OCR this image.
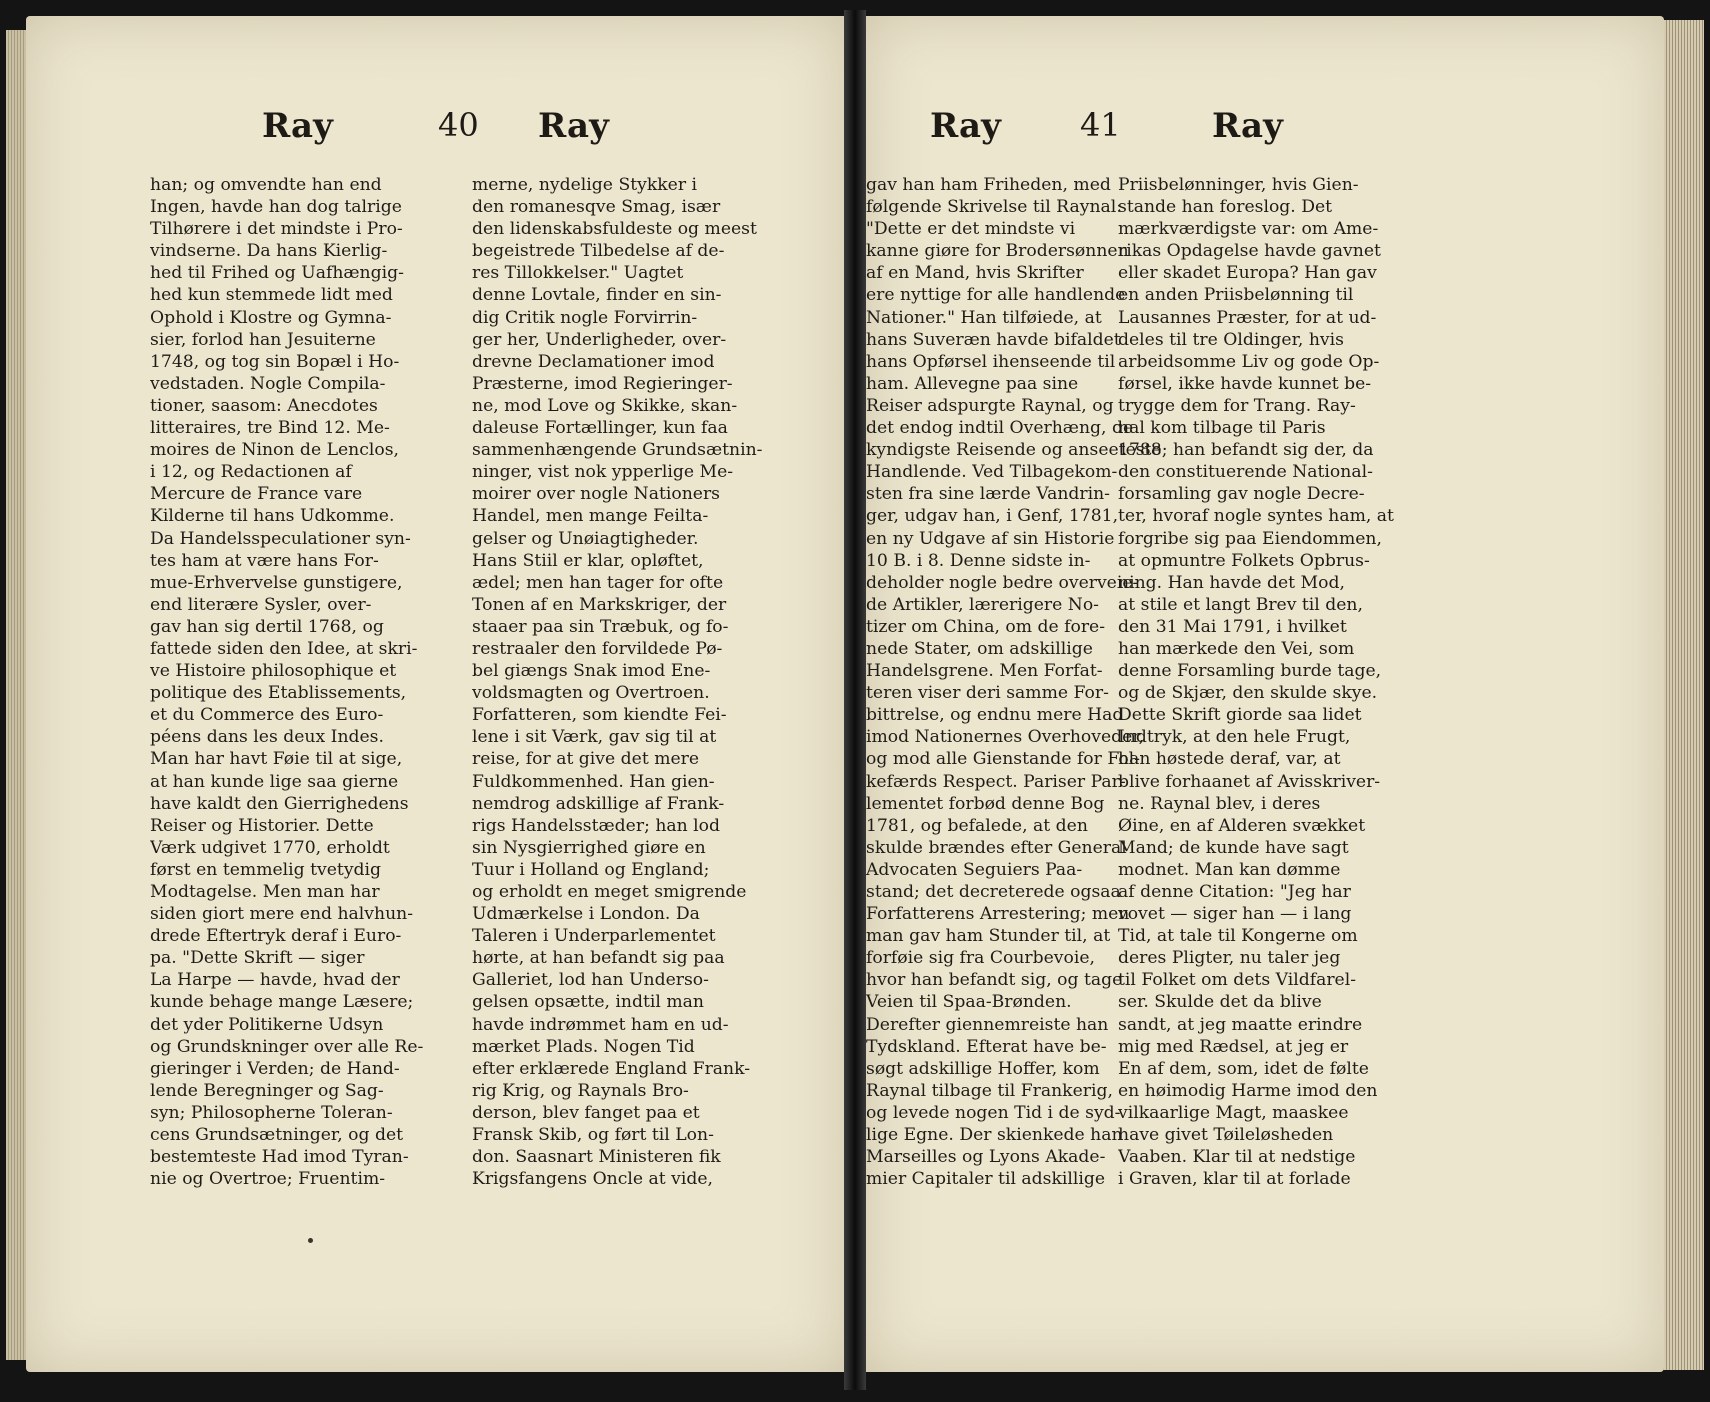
Ray	40 Ray
han; og omvendte han end
Ingen, havde han dog talrige
Tilhørere i det mindste i Pro-
vindserne. Da hans Kierlig-
hed til Frihed og Uafhængig-
hed kun stemmede lidt med
Ophold i Klostre og Gymna-
sier, forlod han Jesuiterne
1748, og tog sin Bopæl i Ho-
vedstaden. Nogle Compila-
tioner, saasom: Anecdotes
litteraires, tre Bind 12. Me-
moires de Ninon de Lenclos,
i 12, og Redactionen af
Mercure de France vare
Kilderne til hans Udkomme.
Da Handelsspeculationer syn-
tes ham at være hans For-
mue-Erhvervelse gunstigere,
end literære Sysler, over-
gav han sig dertil 1768, og
fattede siden den Idee, at skri-
ve Histoire philosophique et
politique des Etablissements,
et du Commerce des Euro-
péens dans les deux Indes.
Man har havt Føie til at sige,
at han kunde lige saa gierne
have kaldt den Gierrighedens
Reiser og Historier. Dette
Værk udgivet 1770, erholdt
først en temmelig tvetydig
Modtagelse. Men man har
siden giort mere end halvhun-
drede Eftertryk deraf i Euro-
pa. "Dette Skrift — siger
La Harpe — havde, hvad der
kunde behage mange Læsere;
det yder Politikerne Udsyn
og Grundskninger over alle Re-
gieringer i Verden; de Hand-
lende Beregninger og Sag-
syn; Philosopherne Toleran-
cens Grundsætninger, og det
bestemteste Had imod Tyran-
nie og Overtroe; Fruentim-
merne, nydelige Stykker i
den romanesqve Smag, især
den lidenskabsfuldeste og meest
begeistrede Tilbedelse af de-
res Tillokkelser." Uagtet
denne Lovtale, finder en sin-
dig Critik nogle Forvirrin-
ger her, Underligheder, over-
drevne Declamationer imod
Præsterne, imod Regieringer-
ne, mod Love og Skikke, skan-
daleuse Fortællinger, kun faa
sammenhængende Grundsætnin-
ninger, vist nok ypperlige Me-
moirer over nogle Nationers
Handel, men mange Feilta-
gelser og Unøiagtigheder.
Hans Stiil er klar, opløftet,
ædel; men han tager for ofte
Tonen af en Markskriger, der
staaer paa sin Træbuk, og fo-
restraaler den forvildede Pø-
bel giængs Snak imod Ene-
voldsmagten og Overtroen.
Forfatteren, som kiendte Fei-
lene i sit Værk, gav sig til at
reise, for at give det mere
Fuldkommenhed. Han gien-
nemdrog adskillige af Frank-
rigs Handelsstæder; han lod
sin Nysgierrighed giøre en
Tuur i Holland og England;
og erholdt en meget smigrende
Udmærkelse i London. Da
Taleren i Underparlementet
hørte, at han befandt sig paa
Galleriet, lod han Underso-
gelsen opsætte, indtil man
havde indrømmet ham en ud-
mærket Plads. Nogen Tid
efter erklærede England Frank-
rig Krig, og Raynals Bro-
derson, blev fanget paa et
Fransk Skib, og ført til Lon-
don. Saasnart Ministeren fik
Krigsfangens Oncle at vide,
Ray 41	Ray
gav han ham Friheden, med
følgende Skrivelse til Raynal:
"Dette er det mindste vi
kanne giøre for Brodersønnen
af en Mand, hvis Skrifter
ere nyttige for alle handlende
Nationer." Han tilføiede, at
hans Suveræn havde bifaldet
hans Opførsel ihenseende til
ham. Allevegne paa sine
Reiser adspurgte Raynal, og
det endog indtil Overhæng, de
kyndigste Reisende og anseeteste
Handlende. Ved Tilbagekom-
sten fra sine lærde Vandrin-
ger, udgav han, i Genf, 1781,
en ny Udgave af sin Historie
10 B. i 8. Denne sidste in-
deholder nogle bedre overveie-
de Artikler, lærerigere No-
tizer om China, om de fore-
nede Stater, om adskillige
Handelsgrene. Men Forfat-
teren viser deri samme For-
bittrelse, og endnu mere Had
imod Nationernes Overhoveder,
og mod alle Gienstande for Fol-
kefærds Respect. Pariser Par-
lementet forbød denne Bog
1781, og befalede, at den
skulde brændes efter General
Advocaten Seguiers Paa-
stand; det decreterede ogsaa
Forfatterens Arrestering; men
man gav ham Stunder til, at
forføie sig fra Courbevoie,
hvor han befandt sig, og tage
Veien til Spaa-Brønden.
Derefter giennemreiste han
Tydskland. Efterat have be-
søgt adskillige Hoffer, kom
Raynal tilbage til Frankerig,
og levede nogen Tid i de syd-
lige Egne. Der skienkede han
Marseilles og Lyons Akade-
mier Capitaler til adskillige
Priisbelønninger, hvis Gien-
stande han foreslog. Det
mærkværdigste var: om Ame-
rikas Opdagelse havde gavnet
eller skadet Europa? Han gav
en anden Priisbelønning til
Lausannes Præster, for at ud-
deles til tre Oldinger, hvis
arbeidsomme Liv og gode Op-
førsel, ikke havde kunnet be-
trygge dem for Trang. Ray-
nal kom tilbage til Paris
1788; han befandt sig der, da
den constituerende National-
forsamling gav nogle Decre-
ter, hvoraf nogle syntes ham, at
forgribe sig paa Eiendommen,
at opmuntre Folkets Opbrus-
ning. Han havde det Mod,
at stile et langt Brev til den,
den 31 Mai 1791, i hvilket
han mærkede den Vei, som
denne Forsamling burde tage,
og de Skjær, den skulde skye.
Dette Skrift giorde saa lidet
Indtryk, at den hele Frugt,
han høstede deraf, var, at
blive forhaanet af Avisskriver-
ne. Raynal blev, i deres
Øine, en af Alderen svækket
Mand; de kunde have sagt
modnet. Man kan dømme
af denne Citation: "Jeg har
vovet — siger han — i lang
Tid, at tale til Kongerne om
deres Pligter, nu taler jeg
til Folket om dets Vildfarel-
ser. Skulde det da blive
sandt, at jeg maatte erindre
mig med Rædsel, at jeg er
En af dem, som, idet de følte
en høimodig Harme imod den
vilkaarlige Magt, maaskee
have givet Tøileløsheden
Vaaben. Klar til at nedstige
i Graven, klar til at forlade
